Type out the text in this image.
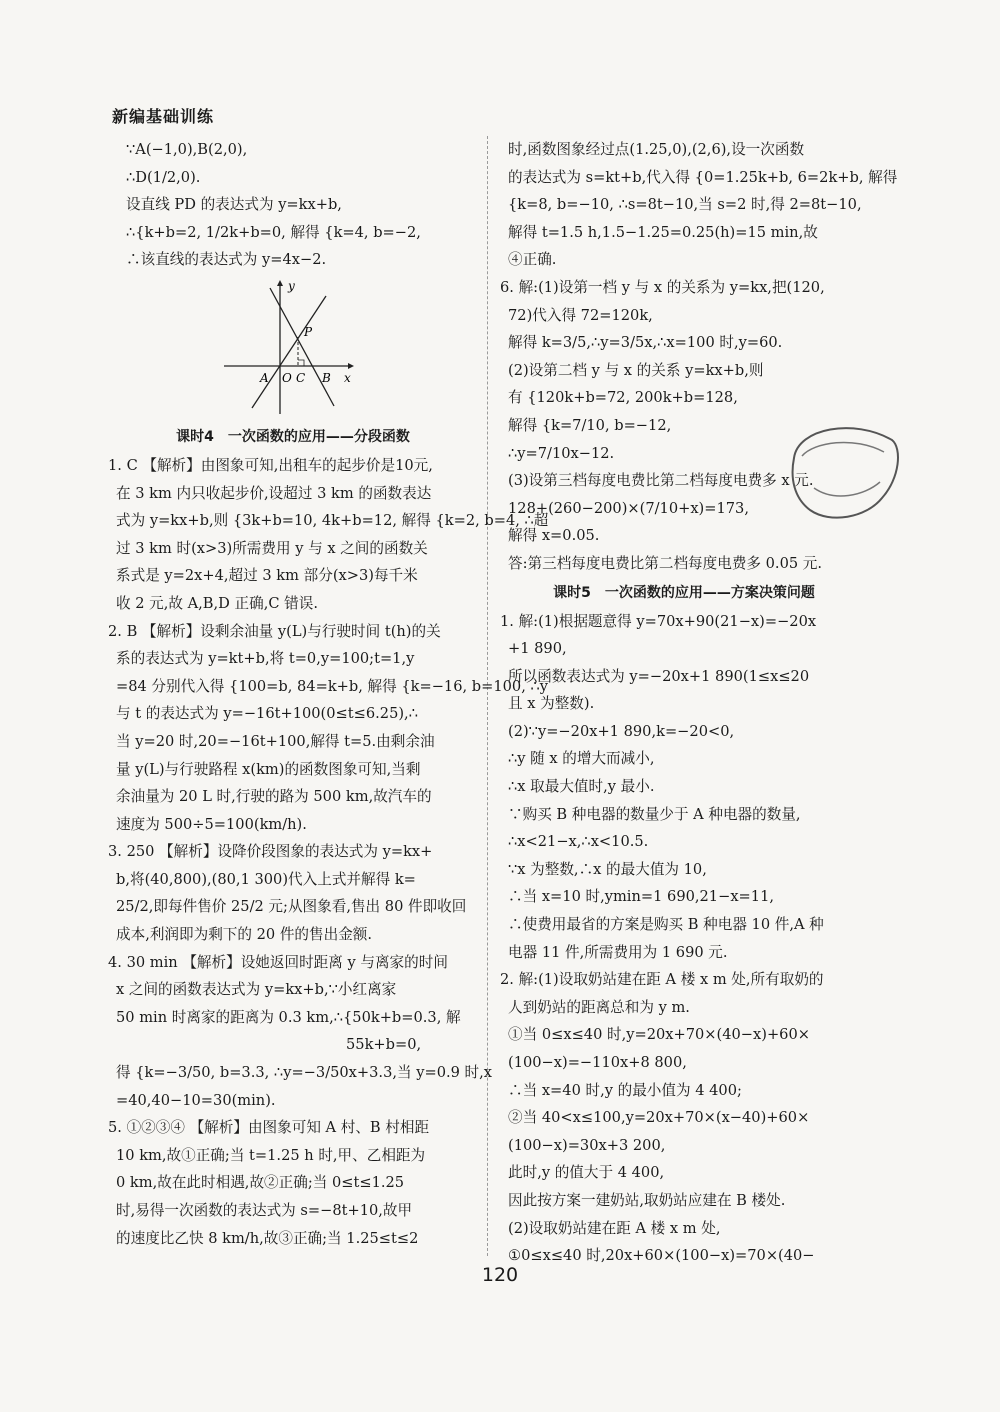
新编基础训练
∵A(−1,0),B(2,0),
∴D(1/2,0).
设直线 PD 的表达式为 y=kx+b,
∴{k+b=2, 1/2k+b=0, 解得 {k=4, b=−2,
∴该直线的表达式为 y=4x−2.
y
x
P
A O C B
课时4　一次函数的应用——分段函数
1. C 【解析】由图象可知,出租车的起步价是10元,
在 3 km 内只收起步价,设超过 3 km 的函数表达
式为 y=kx+b,则 {3k+b=10, 4k+b=12, 解得 {k=2, b=4, ∴超
过 3 km 时(x>3)所需费用 y 与 x 之间的函数关
系式是 y=2x+4,超过 3 km 部分(x>3)每千米
收 2 元,故 A,B,D 正确,C 错误.
2. B 【解析】设剩余油量 y(L)与行驶时间 t(h)的关
系的表达式为 y=kt+b,将 t=0,y=100;t=1,y
=84 分别代入得 {100=b, 84=k+b, 解得 {k=−16, b=100, ∴y
与 t 的表达式为 y=−16t+100(0≤t≤6.25),∴
当 y=20 时,20=−16t+100,解得 t=5.由剩余油
量 y(L)与行驶路程 x(km)的函数图象可知,当剩
余油量为 20 L 时,行驶的路为 500 km,故汽车的
速度为 500÷5=100(km/h).
3. 250 【解析】设降价段图象的表达式为 y=kx+
b,将(40,800),(80,1 300)代入上式并解得 k=
25/2,即每件售价 25/2 元;从图象看,售出 80 件即收回
成本,利润即为剩下的 20 件的售出金额.
4. 30 min 【解析】设她返回时距离 y 与离家的时间
x 之间的函数表达式为 y=kx+b,∵小红离家
50 min 时离家的距离为 0.3 km,∴{50k+b=0.3, 解
55k+b=0,
得 {k=−3/50, b=3.3, ∴y=−3/50x+3.3,当 y=0.9 时,x
=40,40−10=30(min).
5. ①②③④ 【解析】由图象可知 A 村、B 村相距
10 km,故①正确;当 t=1.25 h 时,甲、乙相距为
0 km,故在此时相遇,故②正确;当 0≤t≤1.25
时,易得一次函数的表达式为 s=−8t+10,故甲
的速度比乙快 8 km/h,故③正确;当 1.25≤t≤2
时,函数图象经过点(1.25,0),(2,6),设一次函数
的表达式为 s=kt+b,代入得 {0=1.25k+b, 6=2k+b, 解得
{k=8, b=−10, ∴s=8t−10,当 s=2 时,得 2=8t−10,
解得 t=1.5 h,1.5−1.25=0.25(h)=15 min,故
④正确.
6. 解:(1)设第一档 y 与 x 的关系为 y=kx,把(120,
72)代入得 72=120k,
解得 k=3/5,∴y=3/5x,∴x=100 时,y=60.
(2)设第二档 y 与 x 的关系 y=kx+b,则
有 {120k+b=72, 200k+b=128,
解得 {k=7/10, b=−12,
∴y=7/10x−12.
(3)设第三档每度电费比第二档每度电费多 x 元.
128+(260−200)×(7/10+x)=173,
解得 x=0.05.
答:第三档每度电费比第二档每度电费多 0.05 元.
课时5　一次函数的应用——方案决策问题
1. 解:(1)根据题意得 y=70x+90(21−x)=−20x
+1 890,
所以函数表达式为 y=−20x+1 890(1≤x≤20
且 x 为整数).
(2)∵y=−20x+1 890,k=−20<0,
∴y 随 x 的增大而减小,
∴x 取最大值时,y 最小.
∵购买 B 种电器的数量少于 A 种电器的数量,
∴x<21−x,∴x<10.5.
∵x 为整数,∴x 的最大值为 10,
∴当 x=10 时,ymin=1 690,21−x=11,
∴使费用最省的方案是购买 B 种电器 10 件,A 种
电器 11 件,所需费用为 1 690 元.
2. 解:(1)设取奶站建在距 A 楼 x m 处,所有取奶的
人到奶站的距离总和为 y m.
①当 0≤x≤40 时,y=20x+70×(40−x)+60×
(100−x)=−110x+8 800,
∴当 x=40 时,y 的最小值为 4 400;
②当 40<x≤100,y=20x+70×(x−40)+60×
(100−x)=30x+3 200,
此时,y 的值大于 4 400,
因此按方案一建奶站,取奶站应建在 B 楼处.
(2)设取奶站建在距 A 楼 x m 处,
①0≤x≤40 时,20x+60×(100−x)=70×(40−
120
